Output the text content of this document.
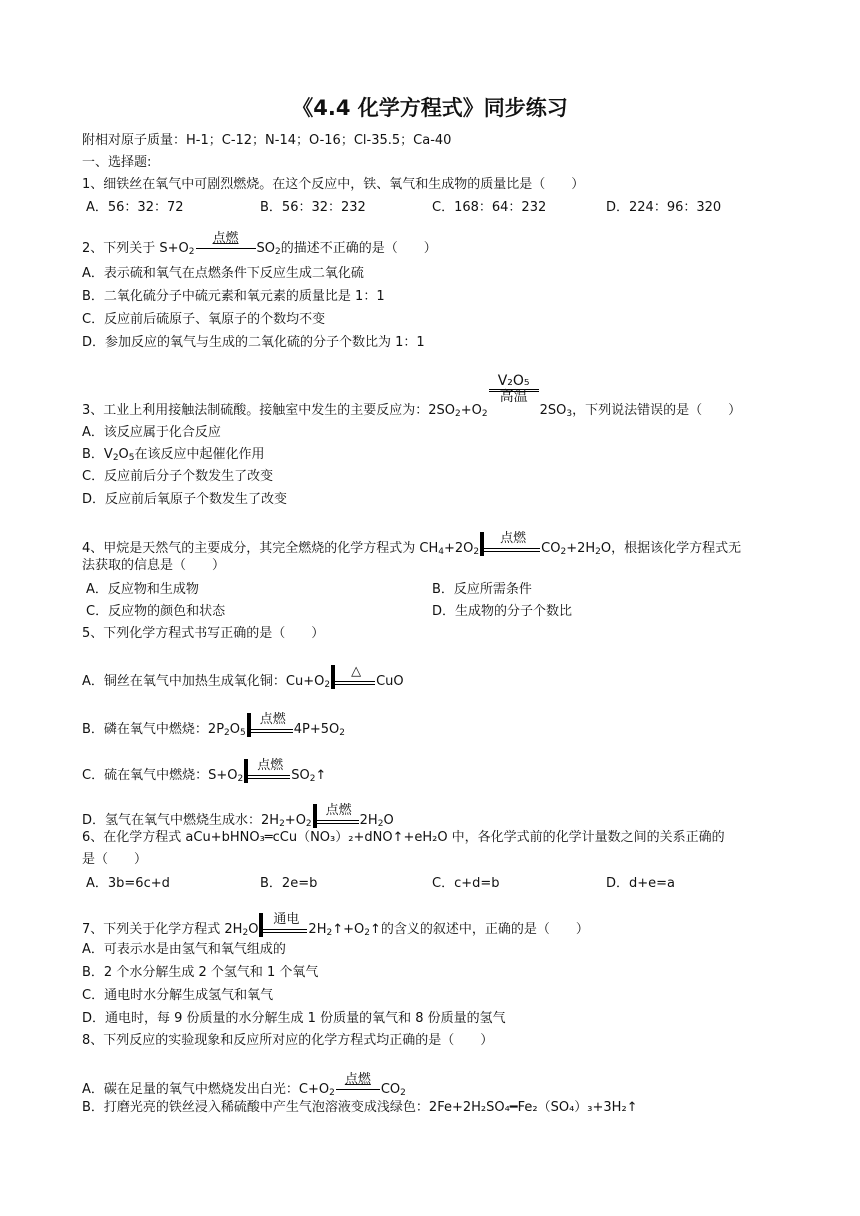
《4.4 化学方程式》同步练习
附相对原子质量：H-1；C-12；N-14；O-16；Cl-35.5；Ca-40
一、选择题:
1、细铁丝在氧气中可剧烈燃烧。在这个反应中，铁、氧气和生成物的质量比是（　　）
A．56：32：72	B．56：32：232	C．168：64：232	D．224：96：320
2、下列关于 $S+O_2$
点燃
$SO_2$的描述不正确的是（　　）
A．表示硫和氧气在点燃条件下反应生成二氧化硫
B．二氧化硫分子中硫元素和氧元素的质量比是 1：1
C．反应前后硫原子、氧原子的个数均不变
D．参加反应的氧气与生成的二氧化硫的分子个数比为 1：1
3、工业上利用接触法制硫酸。接触室中发生的主要反应为：$2SO_2+O_2$
V₂O₅
高温
$2SO_3$，下列说法错误的是（　　）
A．该反应属于化合反应
B．$V_2O_5$在该反应中起催化作用
C．反应前后分子个数发生了改变
D．反应前后氧原子个数发生了改变
4、甲烷是天然气的主要成分，其完全燃烧的化学方程式为 $CH_4+2O_2$
点燃
$CO_2+2H_2O$，根据该化学方程式无
法获取的信息是（　　）
A．反应物和生成物	B．反应所需条件
C．反应物的颜色和状态	D．生成物的分子个数比
5、下列化学方程式书写正确的是（　　）
A．铜丝在氧气中加热生成氧化铜：$Cu+O_2$
△
CuO
B．磷在氧气中燃烧：$2P_2O_5$
点燃
$4P+5O_2$
C．硫在氧气中燃烧：$S+O_2$
点燃
$SO_2↑$
D．氢气在氧气中燃烧生成水：$2H_2+O_2$
点燃
$2H_2O$
6、在化学方程式 aCu+bHNO₃═cCu（NO₃）₂+dNO↑+eH₂O 中，各化学式前的化学计量数之间的关系正确的
是（　　）
A．3b=6c+d	B．2e=b	C．c+d=b	D．d+e=a
7、下列关于化学方程式 $2H_2O$
通电
$2H_2↑+O_2↑$的含义的叙述中，正确的是（　　）
A．可表示水是由氢气和氧气组成的
B．2 个水分解生成 2 个氢气和 1 个氧气
C．通电时水分解生成氢气和氧气
D．通电时，每 9 份质量的水分解生成 1 份质量的氧气和 8 份质量的氢气
8、下列反应的实验现象和反应所对应的化学方程式均正确的是（　　）
A．碳在足量的氧气中燃烧发出白光：$C+O_2$
点燃
$CO_2$
B．打磨光亮的铁丝浸入稀硫酸中产生气泡溶液变成浅绿色：2Fe+2H₂SO₄━Fe₂（SO₄）₃+3H₂↑
